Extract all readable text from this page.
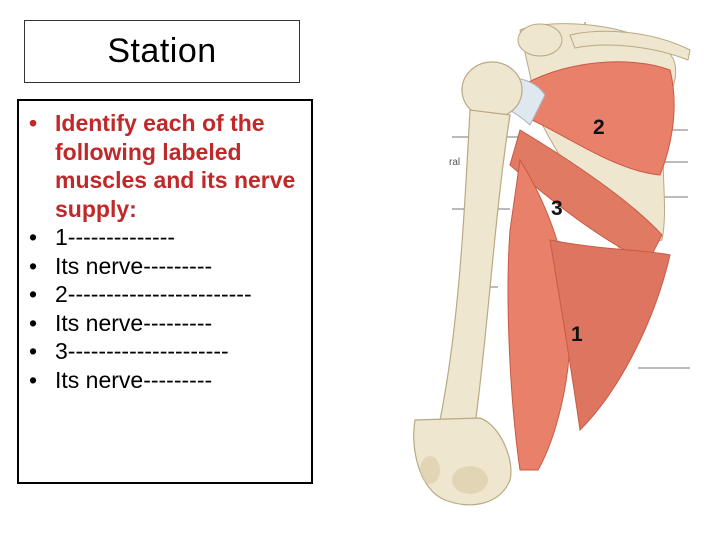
Station
• Identify each of the following labeled muscles and its nerve supply:
• 1--------------
• Its nerve---------
• 2------------------------
• Its nerve---------
• 3---------------------
• Its nerve---------
ral
2
3
1
